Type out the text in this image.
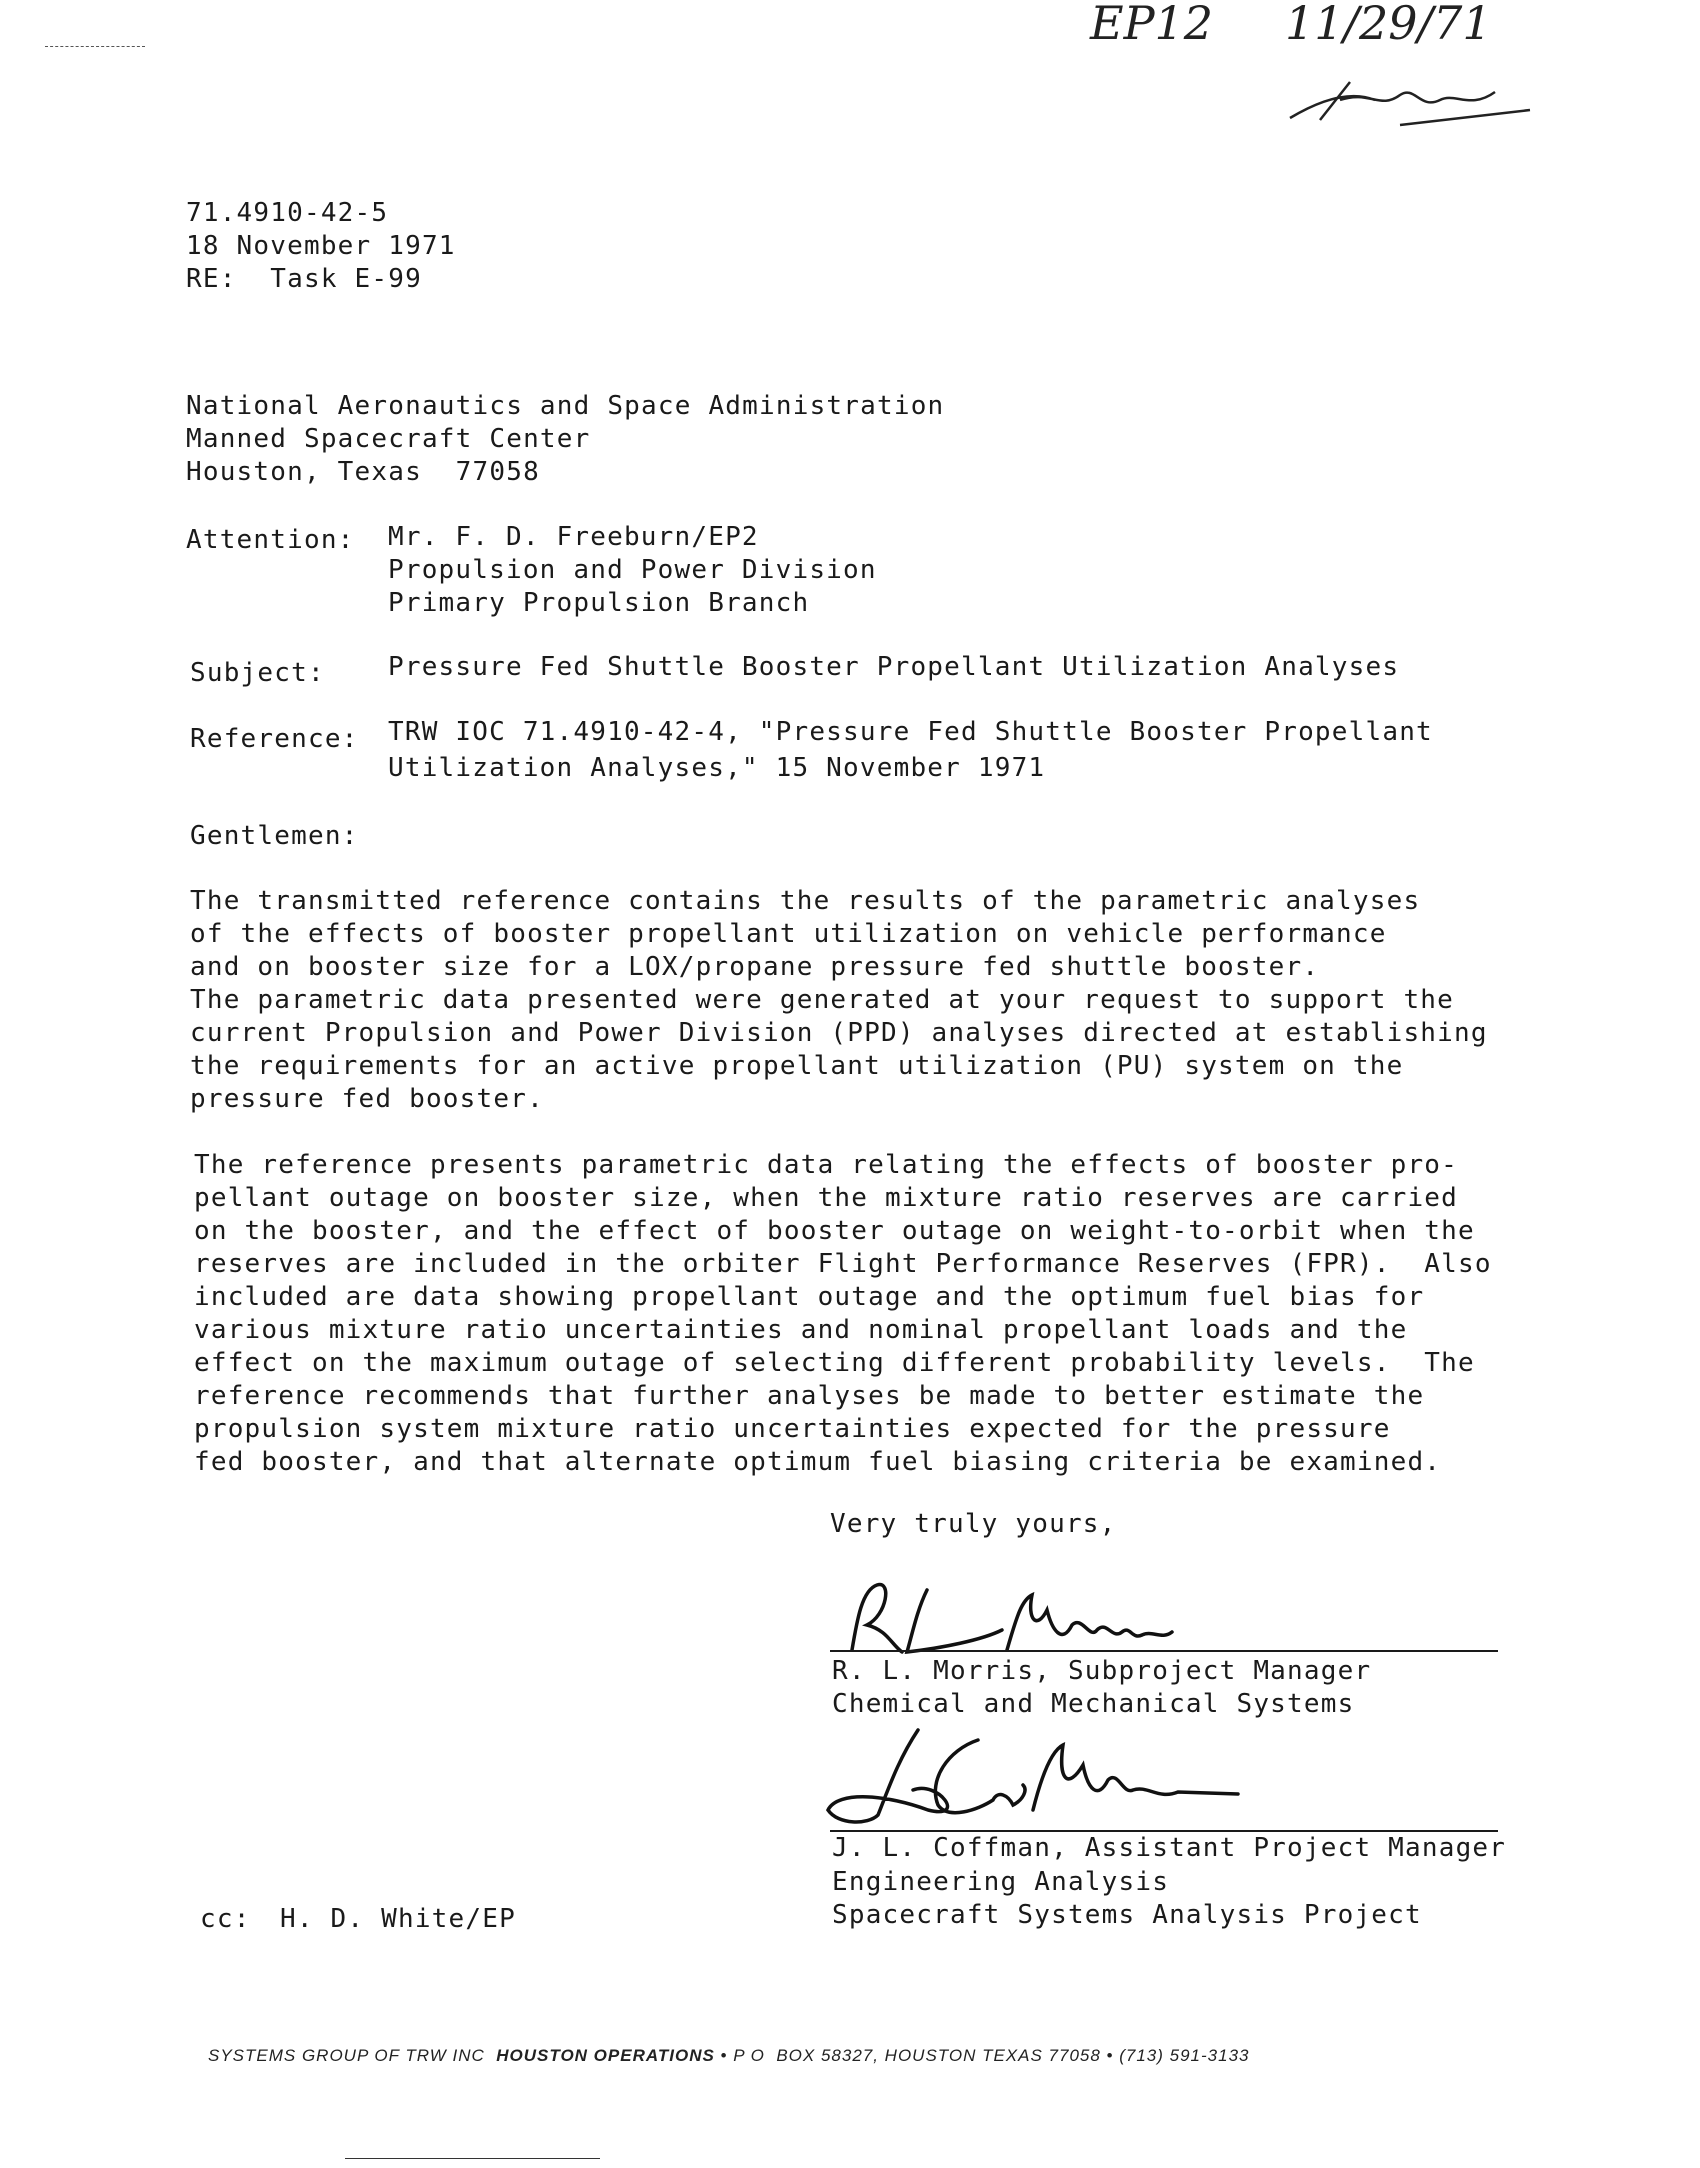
EP12 11/29/71
71.4910-42-5
18 November 1971
RE:  Task E-99
National Aeronautics and Space Administration
Manned Spacecraft Center
Houston, Texas  77058
Attention: Mr. F. D. Freeburn/EP2
Propulsion and Power Division
Primary Propulsion Branch
Subject: Pressure Fed Shuttle Booster Propellant Utilization Analyses
Reference: TRW IOC 71.4910-42-4, "Pressure Fed Shuttle Booster Propellant
Utilization Analyses," 15 November 1971
Gentlemen:
The transmitted reference contains the results of the parametric analyses
of the effects of booster propellant utilization on vehicle performance
and on booster size for a LOX/propane pressure fed shuttle booster.
The parametric data presented were generated at your request to support the
current Propulsion and Power Division (PPD) analyses directed at establishing
the requirements for an active propellant utilization (PU) system on the
pressure fed booster.
The reference presents parametric data relating the effects of booster pro-
pellant outage on booster size, when the mixture ratio reserves are carried
on the booster, and the effect of booster outage on weight-to-orbit when the
reserves are included in the orbiter Flight Performance Reserves (FPR).  Also
included are data showing propellant outage and the optimum fuel bias for
various mixture ratio uncertainties and nominal propellant loads and the
effect on the maximum outage of selecting different probability levels.  The
reference recommends that further analyses be made to better estimate the
propulsion system mixture ratio uncertainties expected for the pressure
fed booster, and that alternate optimum fuel biasing criteria be examined.
Very truly yours,
R. L. Morris, Subproject Manager
Chemical and Mechanical Systems
J. L. Coffman, Assistant Project Manager
Engineering Analysis
Spacecraft Systems Analysis Project
cc: H. D. White/EP
SYSTEMS GROUP OF TRW INC  HOUSTON OPERATIONS • P O  BOX 58327, HOUSTON TEXAS 77058 • (713) 591-3133
